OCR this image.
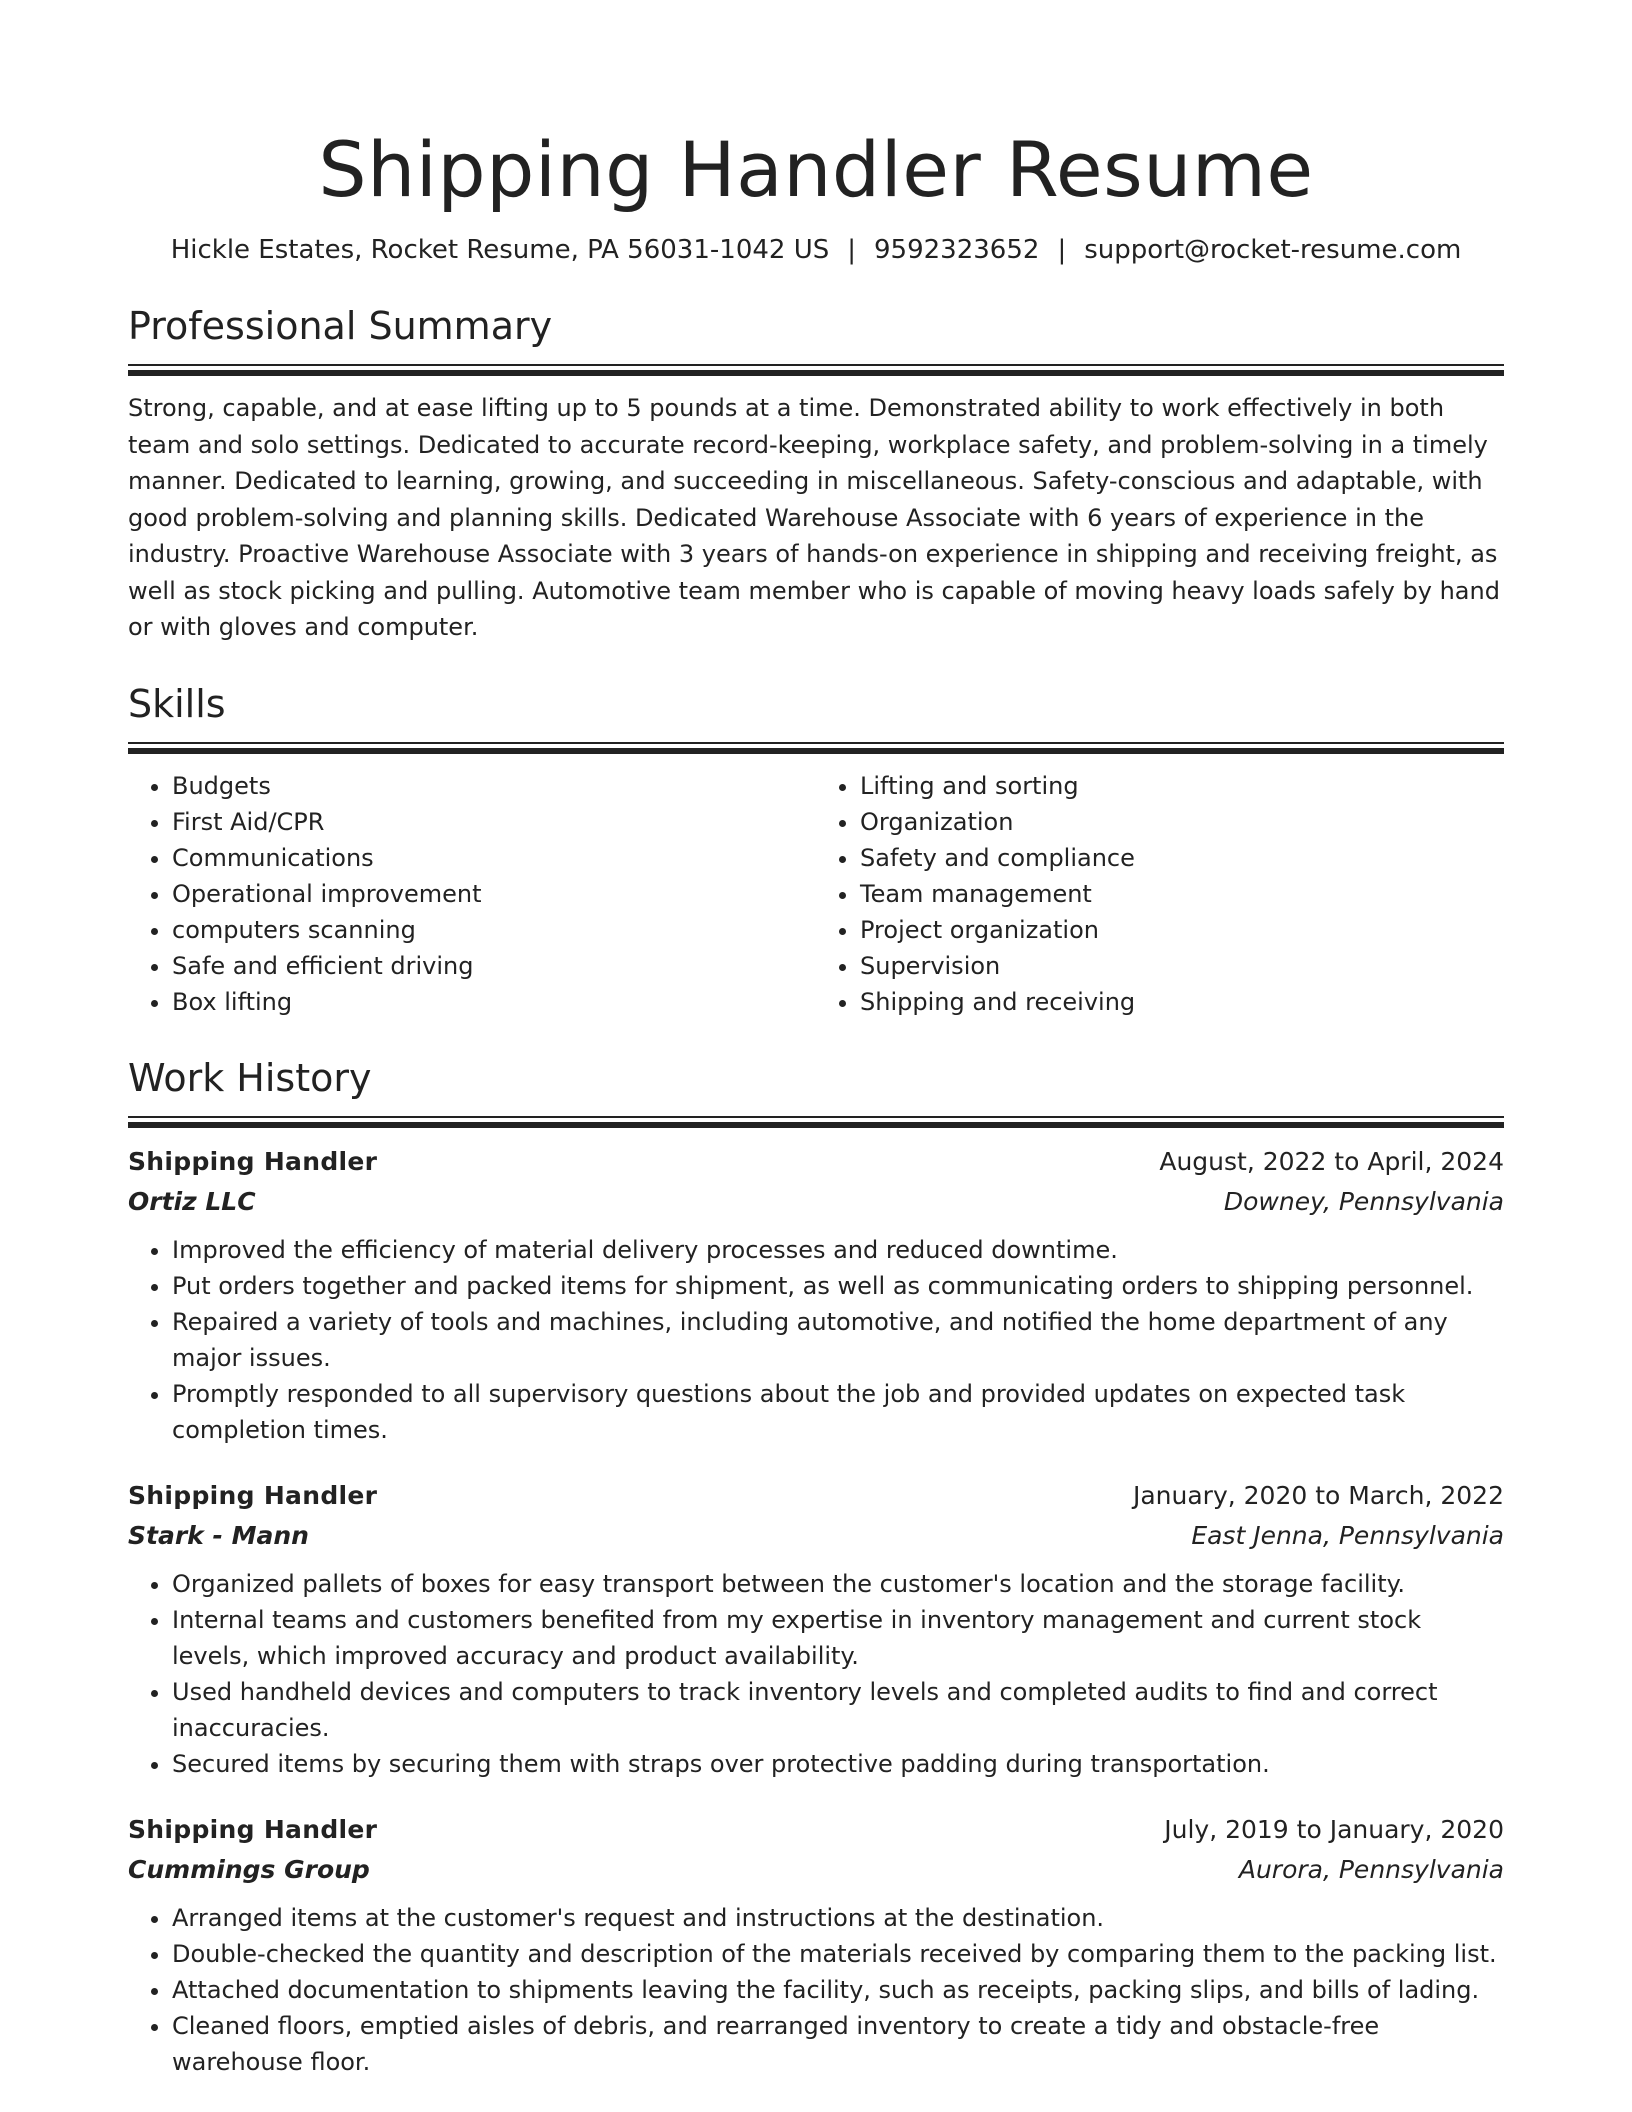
Shipping Handler Resume
Hickle Estates, Rocket Resume, PA 56031-1042 US | 9592323652 | support@rocket-resume.com
Professional Summary

Strong, capable, and at ease lifting up to 5 pounds at a time. Demonstrated ability to work effectively in both team and solo settings. Dedicated to accurate record-keeping, workplace safety, and problem-solving in a timely manner. Dedicated to learning, growing, and succeeding in miscellaneous. Safety-conscious and adaptable, with good problem-solving and planning skills. Dedicated Warehouse Associate with 6 years of experience in the industry. Proactive Warehouse Associate with 3 years of hands-on experience in shipping and receiving freight, as well as stock picking and pulling. Automotive team member who is capable of moving heavy loads safely by hand or with gloves and computer.

Skills
• Budgets
• First Aid/CPR
• Communications
• Operational improvement
• computers scanning
• Safe and efficient driving
• Box lifting
• Lifting and sorting
• Organization
• Safety and compliance
• Team management
• Project organization
• Supervision
• Shipping and receiving
Work History
Shipping Handler	August, 2022 to April, 2024
Ortiz LLC	Downey, Pennsylvania
• Improved the efficiency of material delivery processes and reduced downtime.
• Put orders together and packed items for shipment, as well as communicating orders to shipping personnel.
• Repaired a variety of tools and machines, including automotive, and notified the home department of any major issues.
• Promptly responded to all supervisory questions about the job and provided updates on expected task completion times.
Shipping Handler	January, 2020 to March, 2022
Stark - Mann	East Jenna, Pennsylvania
• Organized pallets of boxes for easy transport between the customer's location and the storage facility.
• Internal teams and customers benefited from my expertise in inventory management and current stock levels, which improved accuracy and product availability.
• Used handheld devices and computers to track inventory levels and completed audits to find and correct inaccuracies.
• Secured items by securing them with straps over protective padding during transportation.
Shipping Handler	July, 2019 to January, 2020
Cummings Group	Aurora, Pennsylvania
• Arranged items at the customer's request and instructions at the destination.
• Double-checked the quantity and description of the materials received by comparing them to the packing list.
• Attached documentation to shipments leaving the facility, such as receipts, packing slips, and bills of lading.
• Cleaned floors, emptied aisles of debris, and rearranged inventory to create a tidy and obstacle-free warehouse floor.
